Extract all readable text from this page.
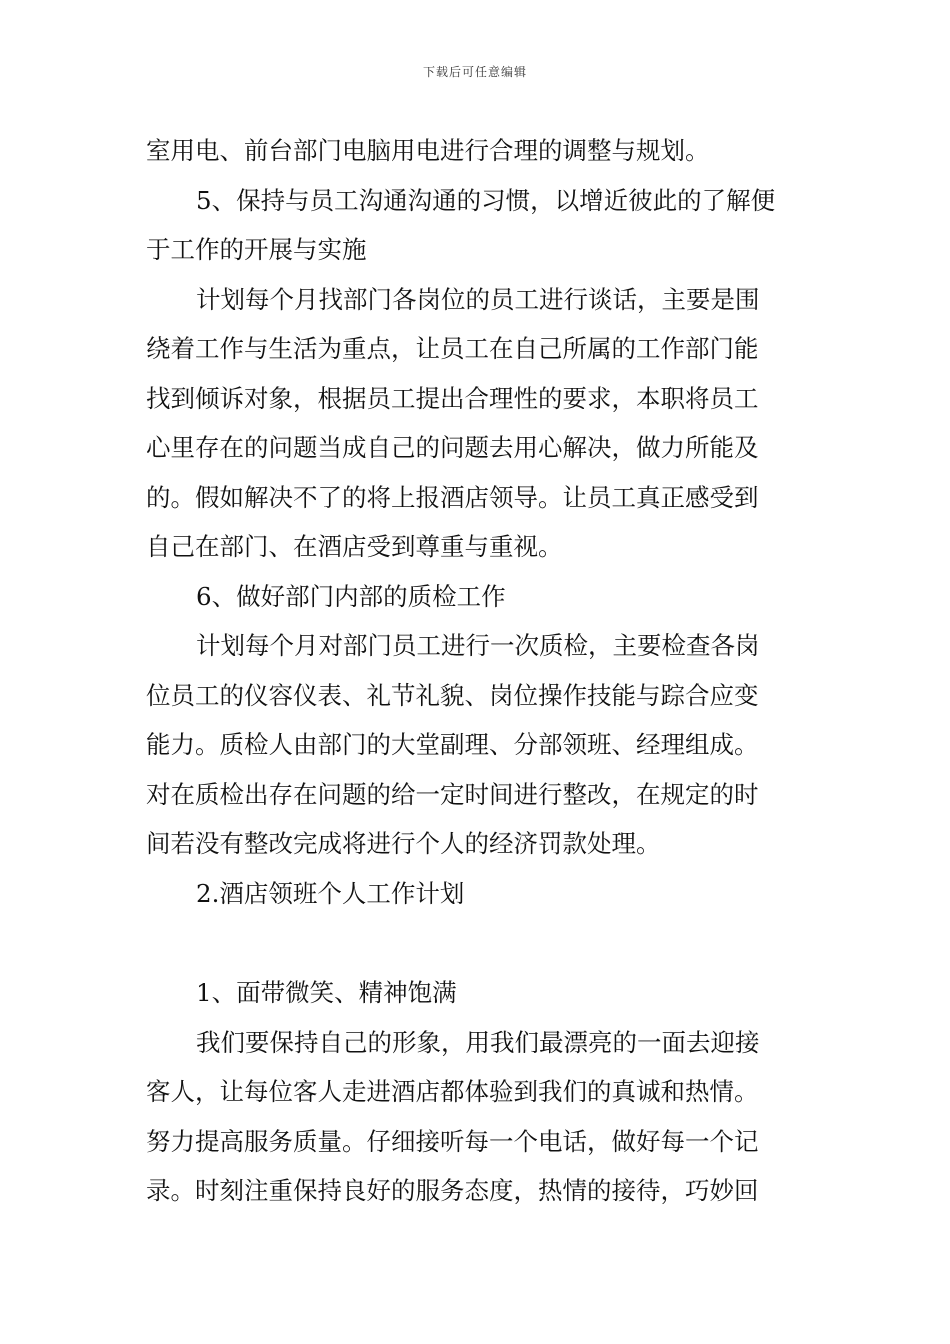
下载后可任意编辑
室用电、前台部门电脑用电进行合理的调整与规划。
5、保持与员工沟通沟通的习惯，以增近彼此的了解便
于工作的开展与实施
计划每个月找部门各岗位的员工进行谈话，主要是围
绕着工作与生活为重点，让员工在自己所属的工作部门能
找到倾诉对象，根据员工提出合理性的要求，本职将员工
心里存在的问题当成自己的问题去用心解决，做力所能及
的。假如解决不了的将上报酒店领导。让员工真正感受到
自己在部门、在酒店受到尊重与重视。
6、做好部门内部的质检工作
计划每个月对部门员工进行一次质检，主要检查各岗
位员工的仪容仪表、礼节礼貌、岗位操作技能与踪合应变
能力。质检人由部门的大堂副理、分部领班、经理组成。
对在质检出存在问题的给一定时间进行整改，在规定的时
间若没有整改完成将进行个人的经济罚款处理。
2.酒店领班个人工作计划
1、面带微笑、精神饱满
我们要保持自己的形象，用我们最漂亮的一面去迎接
客人，让每位客人走进酒店都体验到我们的真诚和热情。
努力提高服务质量。仔细接听每一个电话，做好每一个记
录。时刻注重保持良好的服务态度，热情的接待，巧妙回
